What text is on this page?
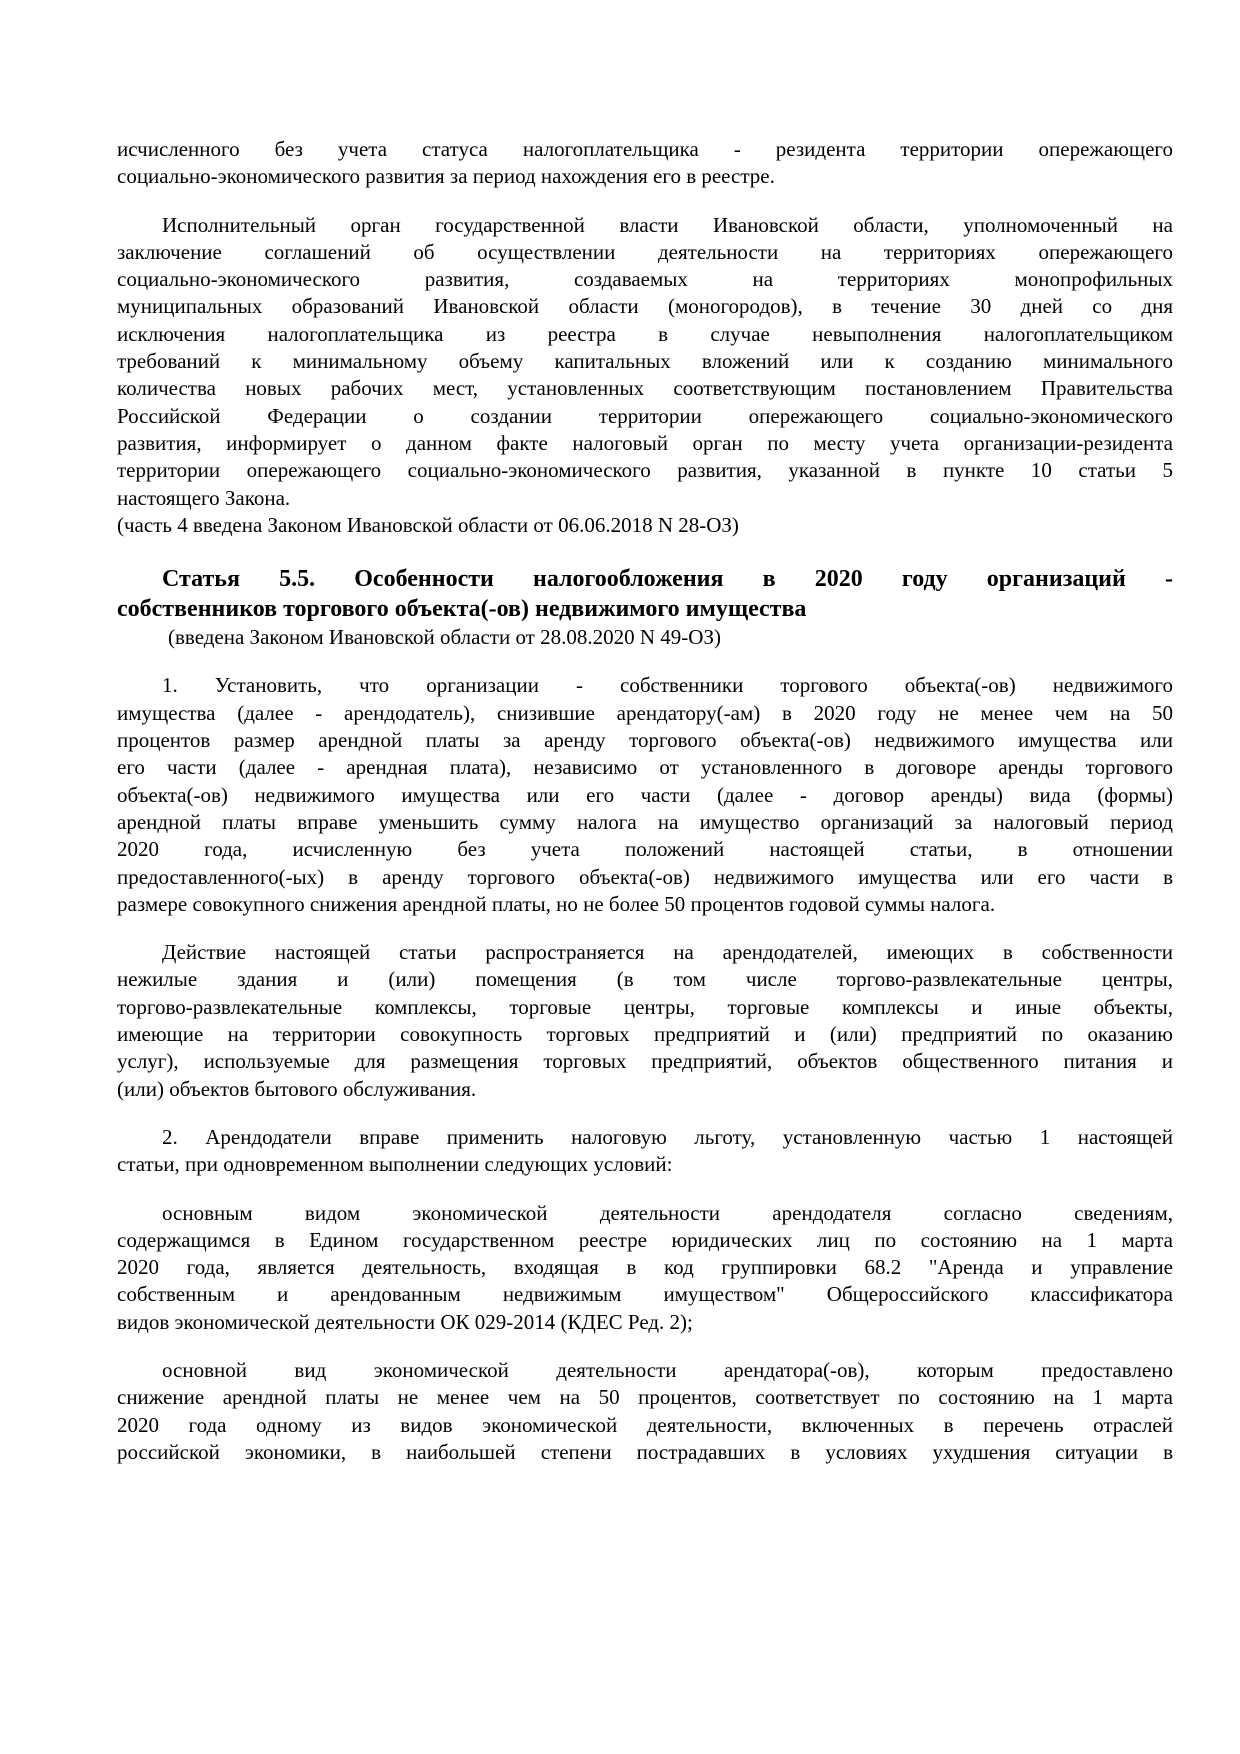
исчисленного без учета статуса налогоплательщика - резидента территории опережающего
социально-экономического развития за период нахождения его в реестре.
Исполнительный орган государственной власти Ивановской области, уполномоченный на
заключение соглашений об осуществлении деятельности на территориях опережающего
социально-экономического развития, создаваемых на территориях монопрофильных
муниципальных образований Ивановской области (моногородов), в течение 30 дней со дня
исключения налогоплательщика из реестра в случае невыполнения налогоплательщиком
требований к минимальному объему капитальных вложений или к созданию минимального
количества новых рабочих мест, установленных соответствующим постановлением Правительства
Российской Федерации о создании территории опережающего социально-экономического
развития, информирует о данном факте налоговый орган по месту учета организации-резидента
территории опережающего социально-экономического развития, указанной в пункте 10 статьи 5
настоящего Закона.
(часть 4 введена Законом Ивановской области от 06.06.2018 N 28-ОЗ)
Статья 5.5. Особенности налогообложения в 2020 году организаций -
собственников торгового объекта(-ов) недвижимого имущества
(введена Законом Ивановской области от 28.08.2020 N 49-ОЗ)
1. Установить, что организации - собственники торгового объекта(-ов) недвижимого
имущества (далее - арендодатель), снизившие арендатору(-ам) в 2020 году не менее чем на 50
процентов размер арендной платы за аренду торгового объекта(-ов) недвижимого имущества или
его части (далее - арендная плата), независимо от установленного в договоре аренды торгового
объекта(-ов) недвижимого имущества или его части (далее - договор аренды) вида (формы)
арендной платы вправе уменьшить сумму налога на имущество организаций за налоговый период
2020 года, исчисленную без учета положений настоящей статьи, в отношении
предоставленного(-ых) в аренду торгового объекта(-ов) недвижимого имущества или его части в
размере совокупного снижения арендной платы, но не более 50 процентов годовой суммы налога.
Действие настоящей статьи распространяется на арендодателей, имеющих в собственности
нежилые здания и (или) помещения (в том числе торгово-развлекательные центры,
торгово-развлекательные комплексы, торговые центры, торговые комплексы и иные объекты,
имеющие на территории совокупность торговых предприятий и (или) предприятий по оказанию
услуг), используемые для размещения торговых предприятий, объектов общественного питания и
(или) объектов бытового обслуживания.
2. Арендодатели вправе применить налоговую льготу, установленную частью 1 настоящей
статьи, при одновременном выполнении следующих условий:
основным видом экономической деятельности арендодателя согласно сведениям,
содержащимся в Едином государственном реестре юридических лиц по состоянию на 1 марта
2020 года, является деятельность, входящая в код группировки 68.2 "Аренда и управление
собственным и арендованным недвижимым имуществом" Общероссийского классификатора
видов экономической деятельности ОК 029-2014 (КДЕС Ред. 2);
основной вид экономической деятельности арендатора(-ов), которым предоставлено
снижение арендной платы не менее чем на 50 процентов, соответствует по состоянию на 1 марта
2020 года одному из видов экономической деятельности, включенных в перечень отраслей
российской экономики, в наибольшей степени пострадавших в условиях ухудшения ситуации в
